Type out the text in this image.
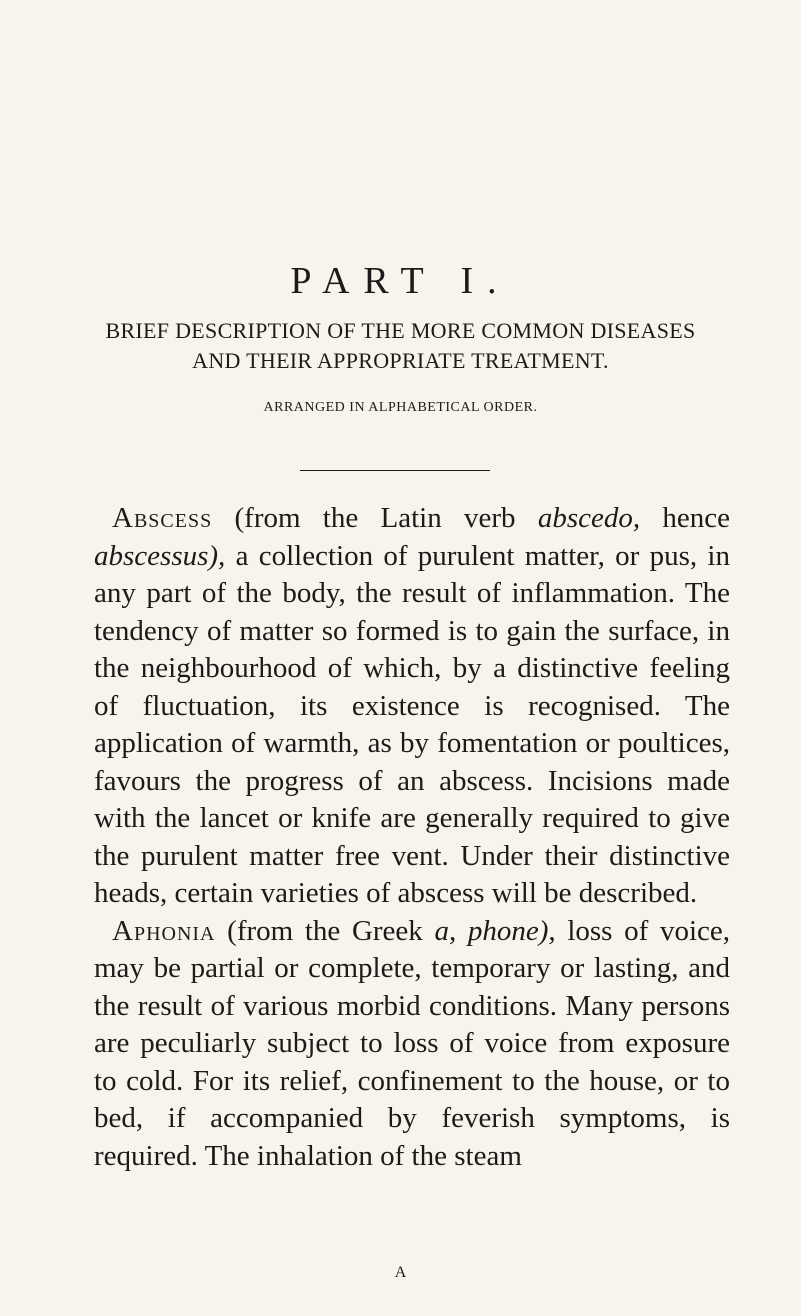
PART I.
BRIEF DESCRIPTION OF THE MORE COMMON DISEASES
AND THEIR APPROPRIATE TREATMENT.
ARRANGED IN ALPHABETICAL ORDER.

Abscess (from the Latin verb abscedo, hence abscessus), a collection of purulent matter, or pus, in any part of the body, the result of inflammation. The tendency of matter so formed is to gain the surface, in the neighbourhood of which, by a distinctive feeling of fluctuation, its existence is recognised. The application of warmth, as by fomentation or poultices, favours the progress of an abscess. Incisions made with the lancet or knife are generally required to give the purulent matter free vent. Under their distinctive heads, certain varieties of abscess will be described.

Aphonia (from the Greek a, phone), loss of voice, may be partial or complete, temporary or lasting, and the result of various morbid conditions. Many persons are peculiarly subject to loss of voice from exposure to cold. For its relief, confinement to the house, or to bed, if accompanied by feverish symptoms, is required. The inhalation of the steam

A
